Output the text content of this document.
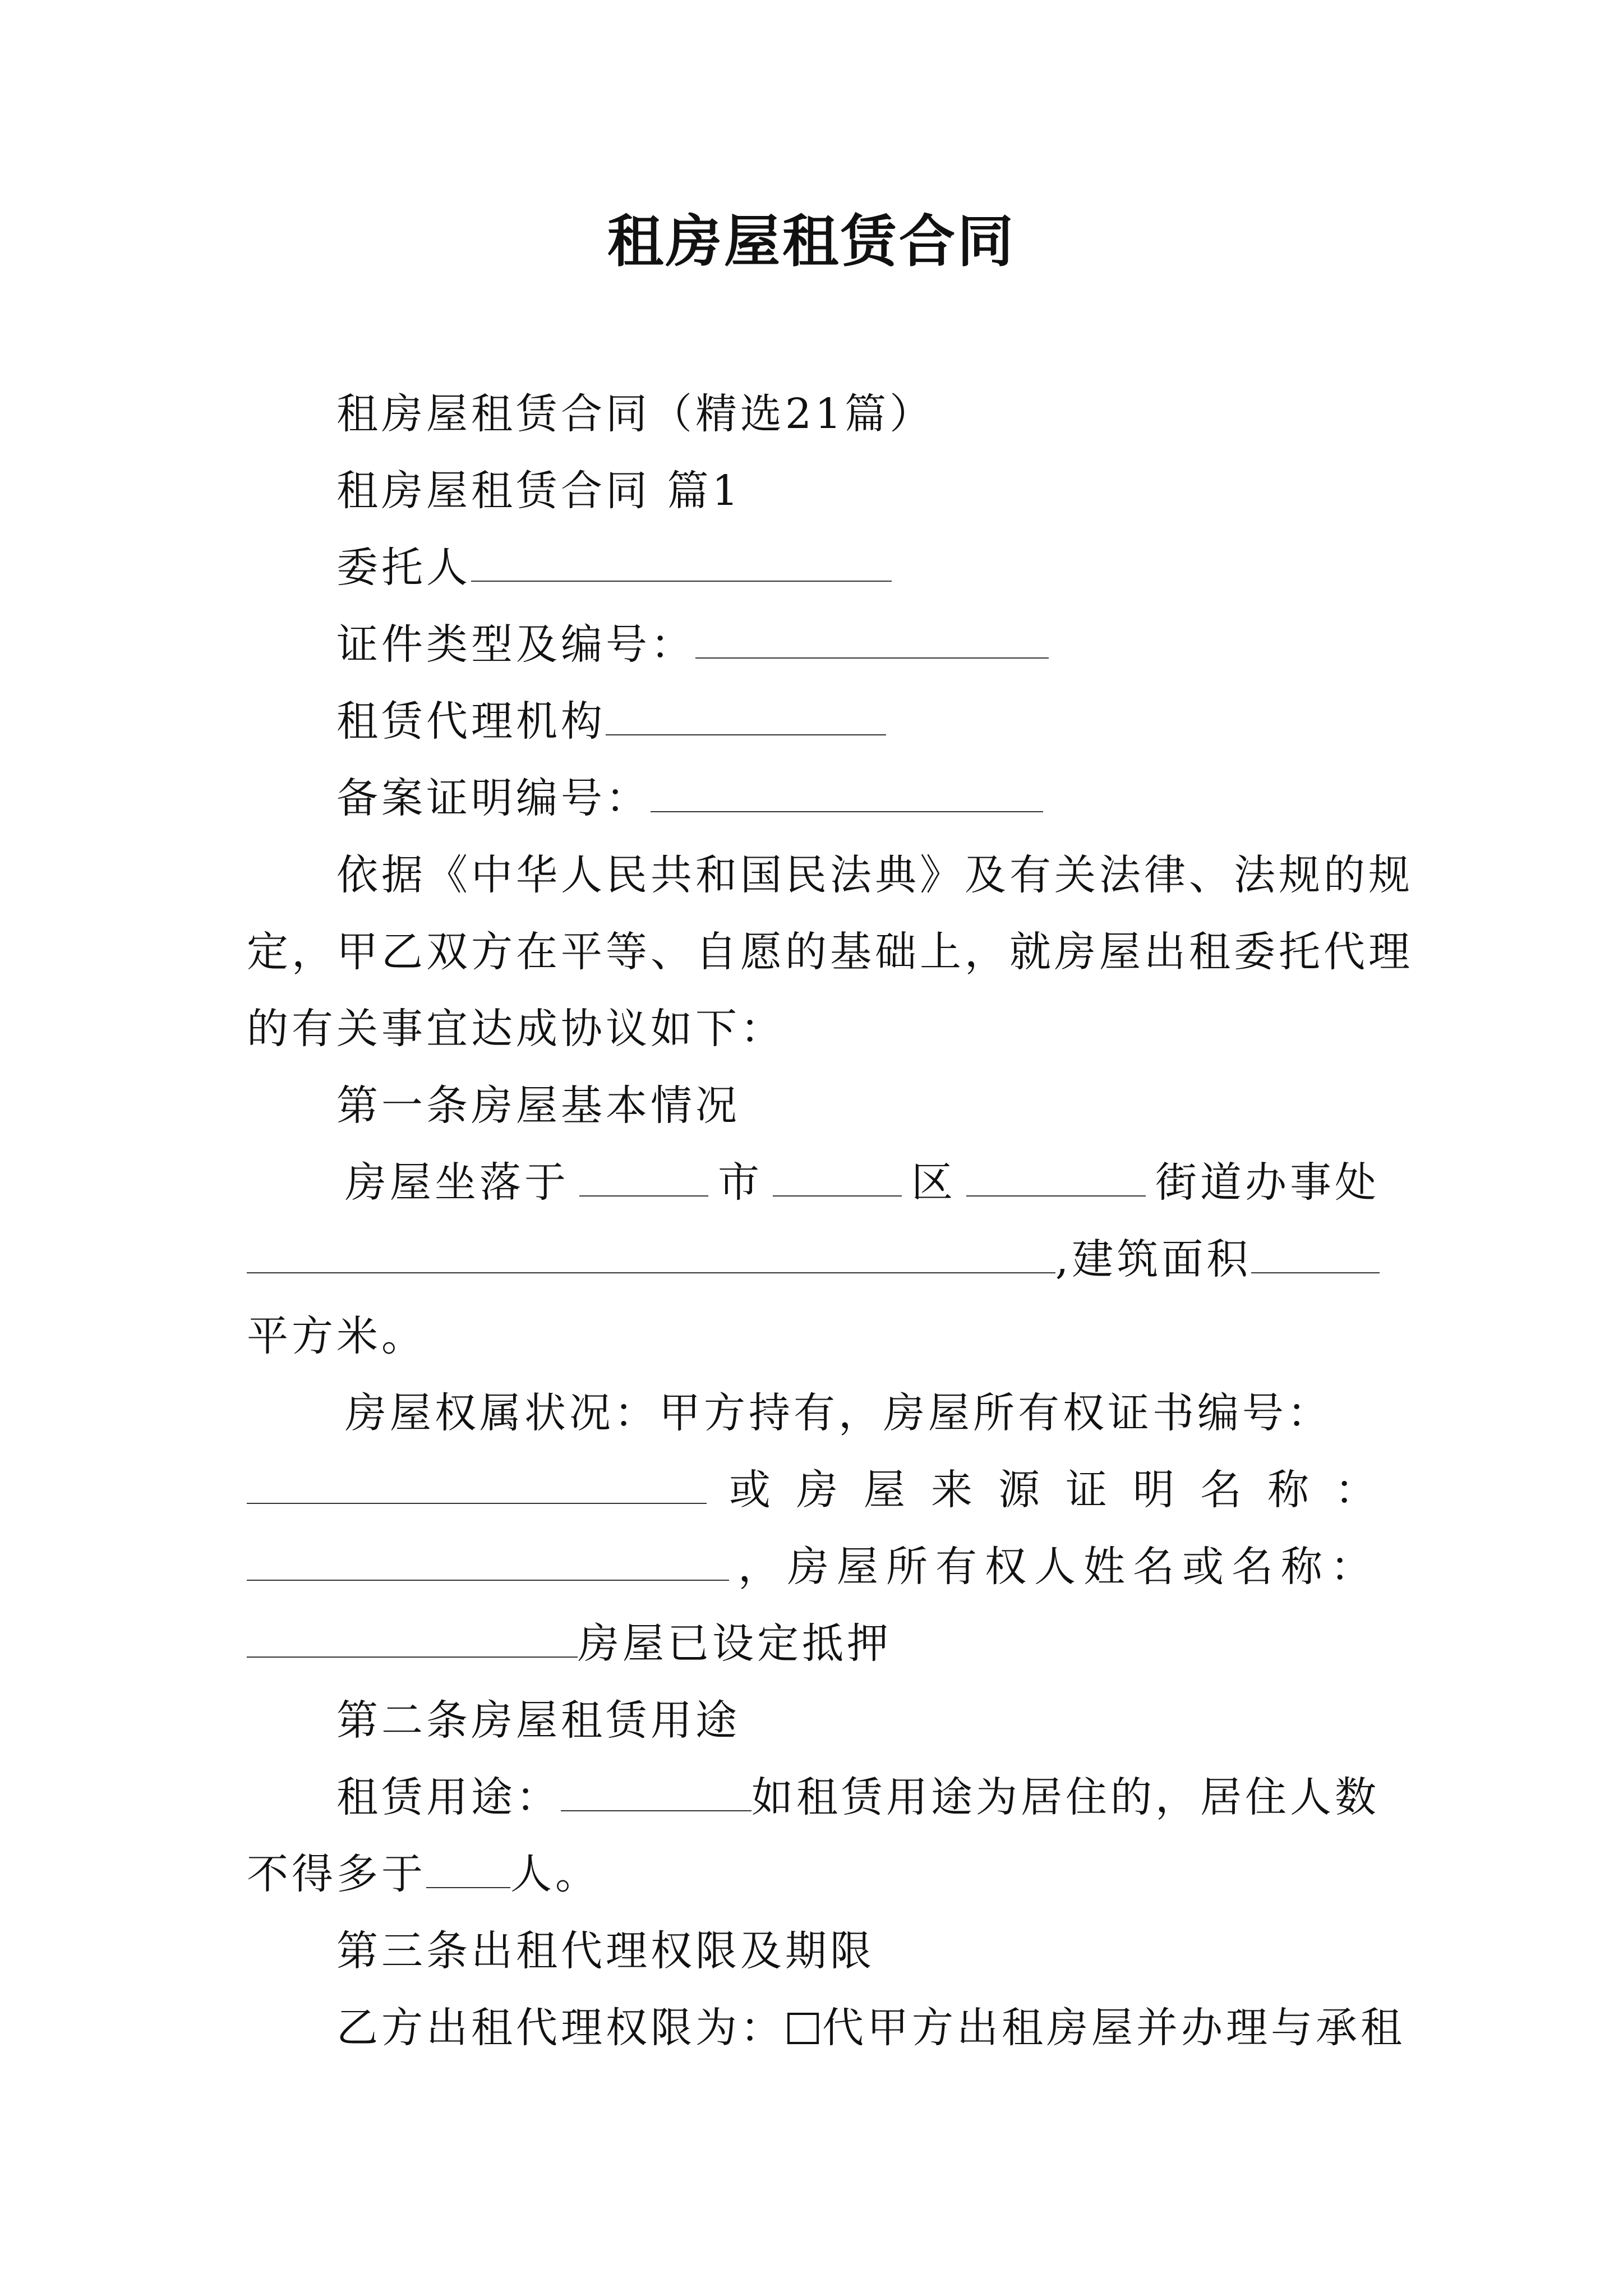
租房屋租赁合同
租房屋租赁合同（精选21篇）
租房屋租赁合同 篇1
委托人
证件类型及编号：
租赁代理机构
备案证明编号：
依据《中华人民共和国民法典》及有关法律、法规的规
定，甲乙双方在平等、自愿的基础上，就房屋出租委托代理
的有关事宜达成协议如下：
第一条房屋基本情况
房屋坐落于	市	区	街道办事处
,建筑面积
平方米。
房屋权属状况：甲方持有，房屋所有权证书编号：
或 房 屋 来 源 证 明 名 称 ：
，房屋所有权人姓名或名称：
房屋已设定抵押
第二条房屋租赁用途
租赁用途：	如租赁用途为居住的，居住人数
不得多于 人。
第三条出租代理权限及期限
乙方出租代理权限为： 代甲方出租房屋并办理与承租
